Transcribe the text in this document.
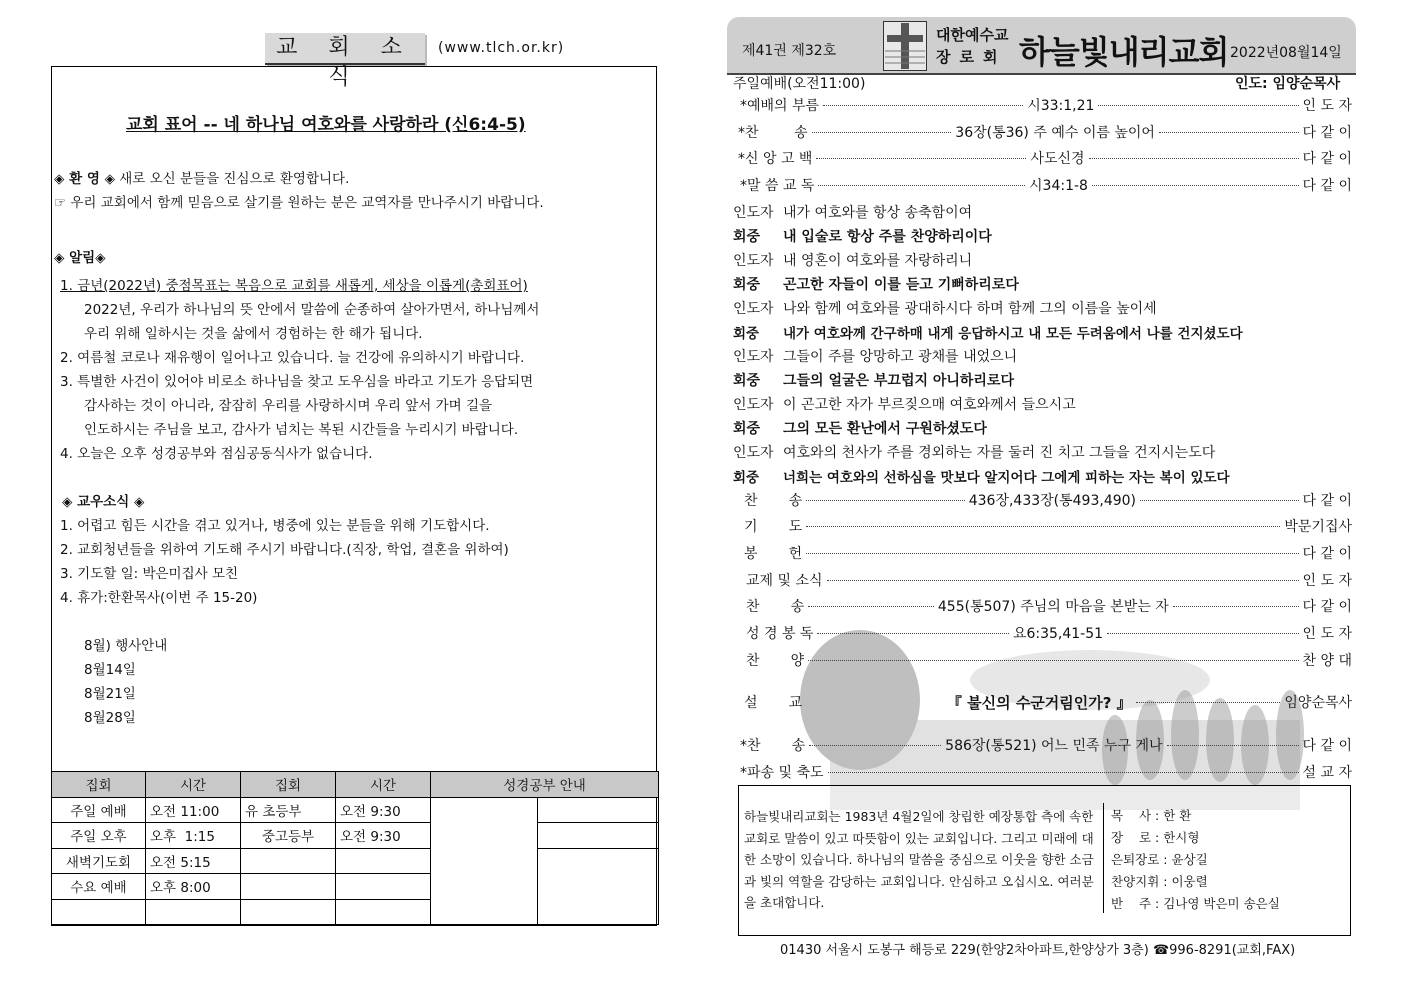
교 회 소 식
(www.tlch.or.kr)
교회 표어 -- 네 하나님 여호와를 사랑하라 (신6:4-5)
◈ 환 영 ◈ 새로 오신 분들을 진심으로 환영합니다.
☞ 우리 교회에서 함께 믿음으로 살기를 원하는 분은 교역자를 만나주시기 바랍니다.
◈ 알림◈
1. 금년(2022년) 중점목표는 복음으로 교회를 새롭게, 세상을 이롭게(총회표어)
2022년, 우리가 하나님의 뜻 안에서 말씀에 순종하여 살아가면서, 하나님께서
우리 위해 일하시는 것을 삶에서 경험하는 한 해가 됩니다.
2. 여름철 코로나 재유행이 일어나고 있습니다. 늘 건강에 유의하시기 바랍니다.
3. 특별한 사건이 있어야 비로소 하나님을 찾고 도우심을 바라고 기도가 응답되면
감사하는 것이 아니라, 잠잠히 우리를 사랑하시며 우리 앞서 가며 길을
인도하시는 주님을 보고, 감사가 넘치는 복된 시간들을 누리시기 바랍니다.
4. 오늘은 오후 성경공부와 점심공동식사가 없습니다.
◈ 교우소식 ◈
1. 어렵고 힘든 시간을 겪고 있거나, 병중에 있는 분들을 위해 기도합시다.
2. 교회청년들을 위하여 기도해 주시기 바랍니다.(직장, 학업, 결혼을 위하여)
3. 기도할 일: 박은미집사 모친
4. 휴가:한환목사(이번 주 15-20)
8월) 행사안내
8월14일
8월21일
8월28일
집회	시간	집회	시간	성경공부 안내	
주일 예배	오전 11:00	유 초등부	오전 9:30		
주일 오후	오후  1:15	중고등부	오전 9:30		
새벽기도회	오전 5:15				
수요 예배	오후 8:00				

제41권 제32호
대한예수교
장로회 하늘빛내리교회 2022년08월14일
주일예배(오전11:00)	인도: 임양순목사
*예배의 부름	시33:1,21	인 도 자
*찬        송	36장(통36) 주 예수 이름 높이어	다 같 이
*신 앙 고 백	사도신경	다 같 이
*말 씀 교 독	시34:1-8	다 같 이
인도자 내가 여호와를 항상 송축함이여
회중 내 입술로 항상 주를 찬양하리이다
인도자 내 영혼이 여호와를 자랑하리니
회중 곤고한 자들이 이를 듣고 기뻐하리로다
인도자 나와 함께 여호와를 광대하시다 하며 함께 그의 이름을 높이세
회중 내가 여호와께 간구하매 내게 응답하시고 내 모든 두려움에서 나를 건지셨도다
인도자 그들이 주를 앙망하고 광채를 내었으니
회중 그들의 얼굴은 부끄럽지 아니하리로다
인도자 이 곤고한 자가 부르짖으매 여호와께서 들으시고
회중 그의 모든 환난에서 구원하셨도다
인도자 여호와의 천사가 주를 경외하는 자를 둘러 진 치고 그들을 건지시는도다
회중 너희는 여호와의 선하심을 맛보다 알지어다 그에게 피하는 자는 복이 있도다
찬       송	436장,433장(통493,490)	다 같 이
기       도	박문기집사
봉       헌	다 같 이
교제 및 소식	인 도 자
찬       송	455(통507) 주님의 마음을 본받는 자	다 같 이
성 경 봉 독	요6:35,41-51	인 도 자
찬       양	찬 양 대
설       교	『 불신의 수군거림인가? 』	임양순목사
*찬       송	586장(통521) 어느 민족 누구 게나	다 같 이
*파송 및 축도	설 교 자
하늘빛내리교회는 1983년 4월2일에 창립한 예장통합 측에 속한 교회로 말씀이 있고 따뜻함이 있는 교회입니다. 그리고 미래에 대한 소망이 있습니다. 하나님의 말씀을 중심으로 이웃을 향한 소금과 빛의 역할을 감당하는 교회입니다. 안심하고 오십시오. 여러분을 초대합니다.
목    사 : 한 환
장    로 : 한시형
은퇴장로 : 윤상길
찬양지휘 : 이웅렬
반    주 : 김나영 박은미 송은실
01430 서울시 도봉구 해등로 229(한양2차아파트,한양상가 3층) ☎996-8291(교회,FAX)
